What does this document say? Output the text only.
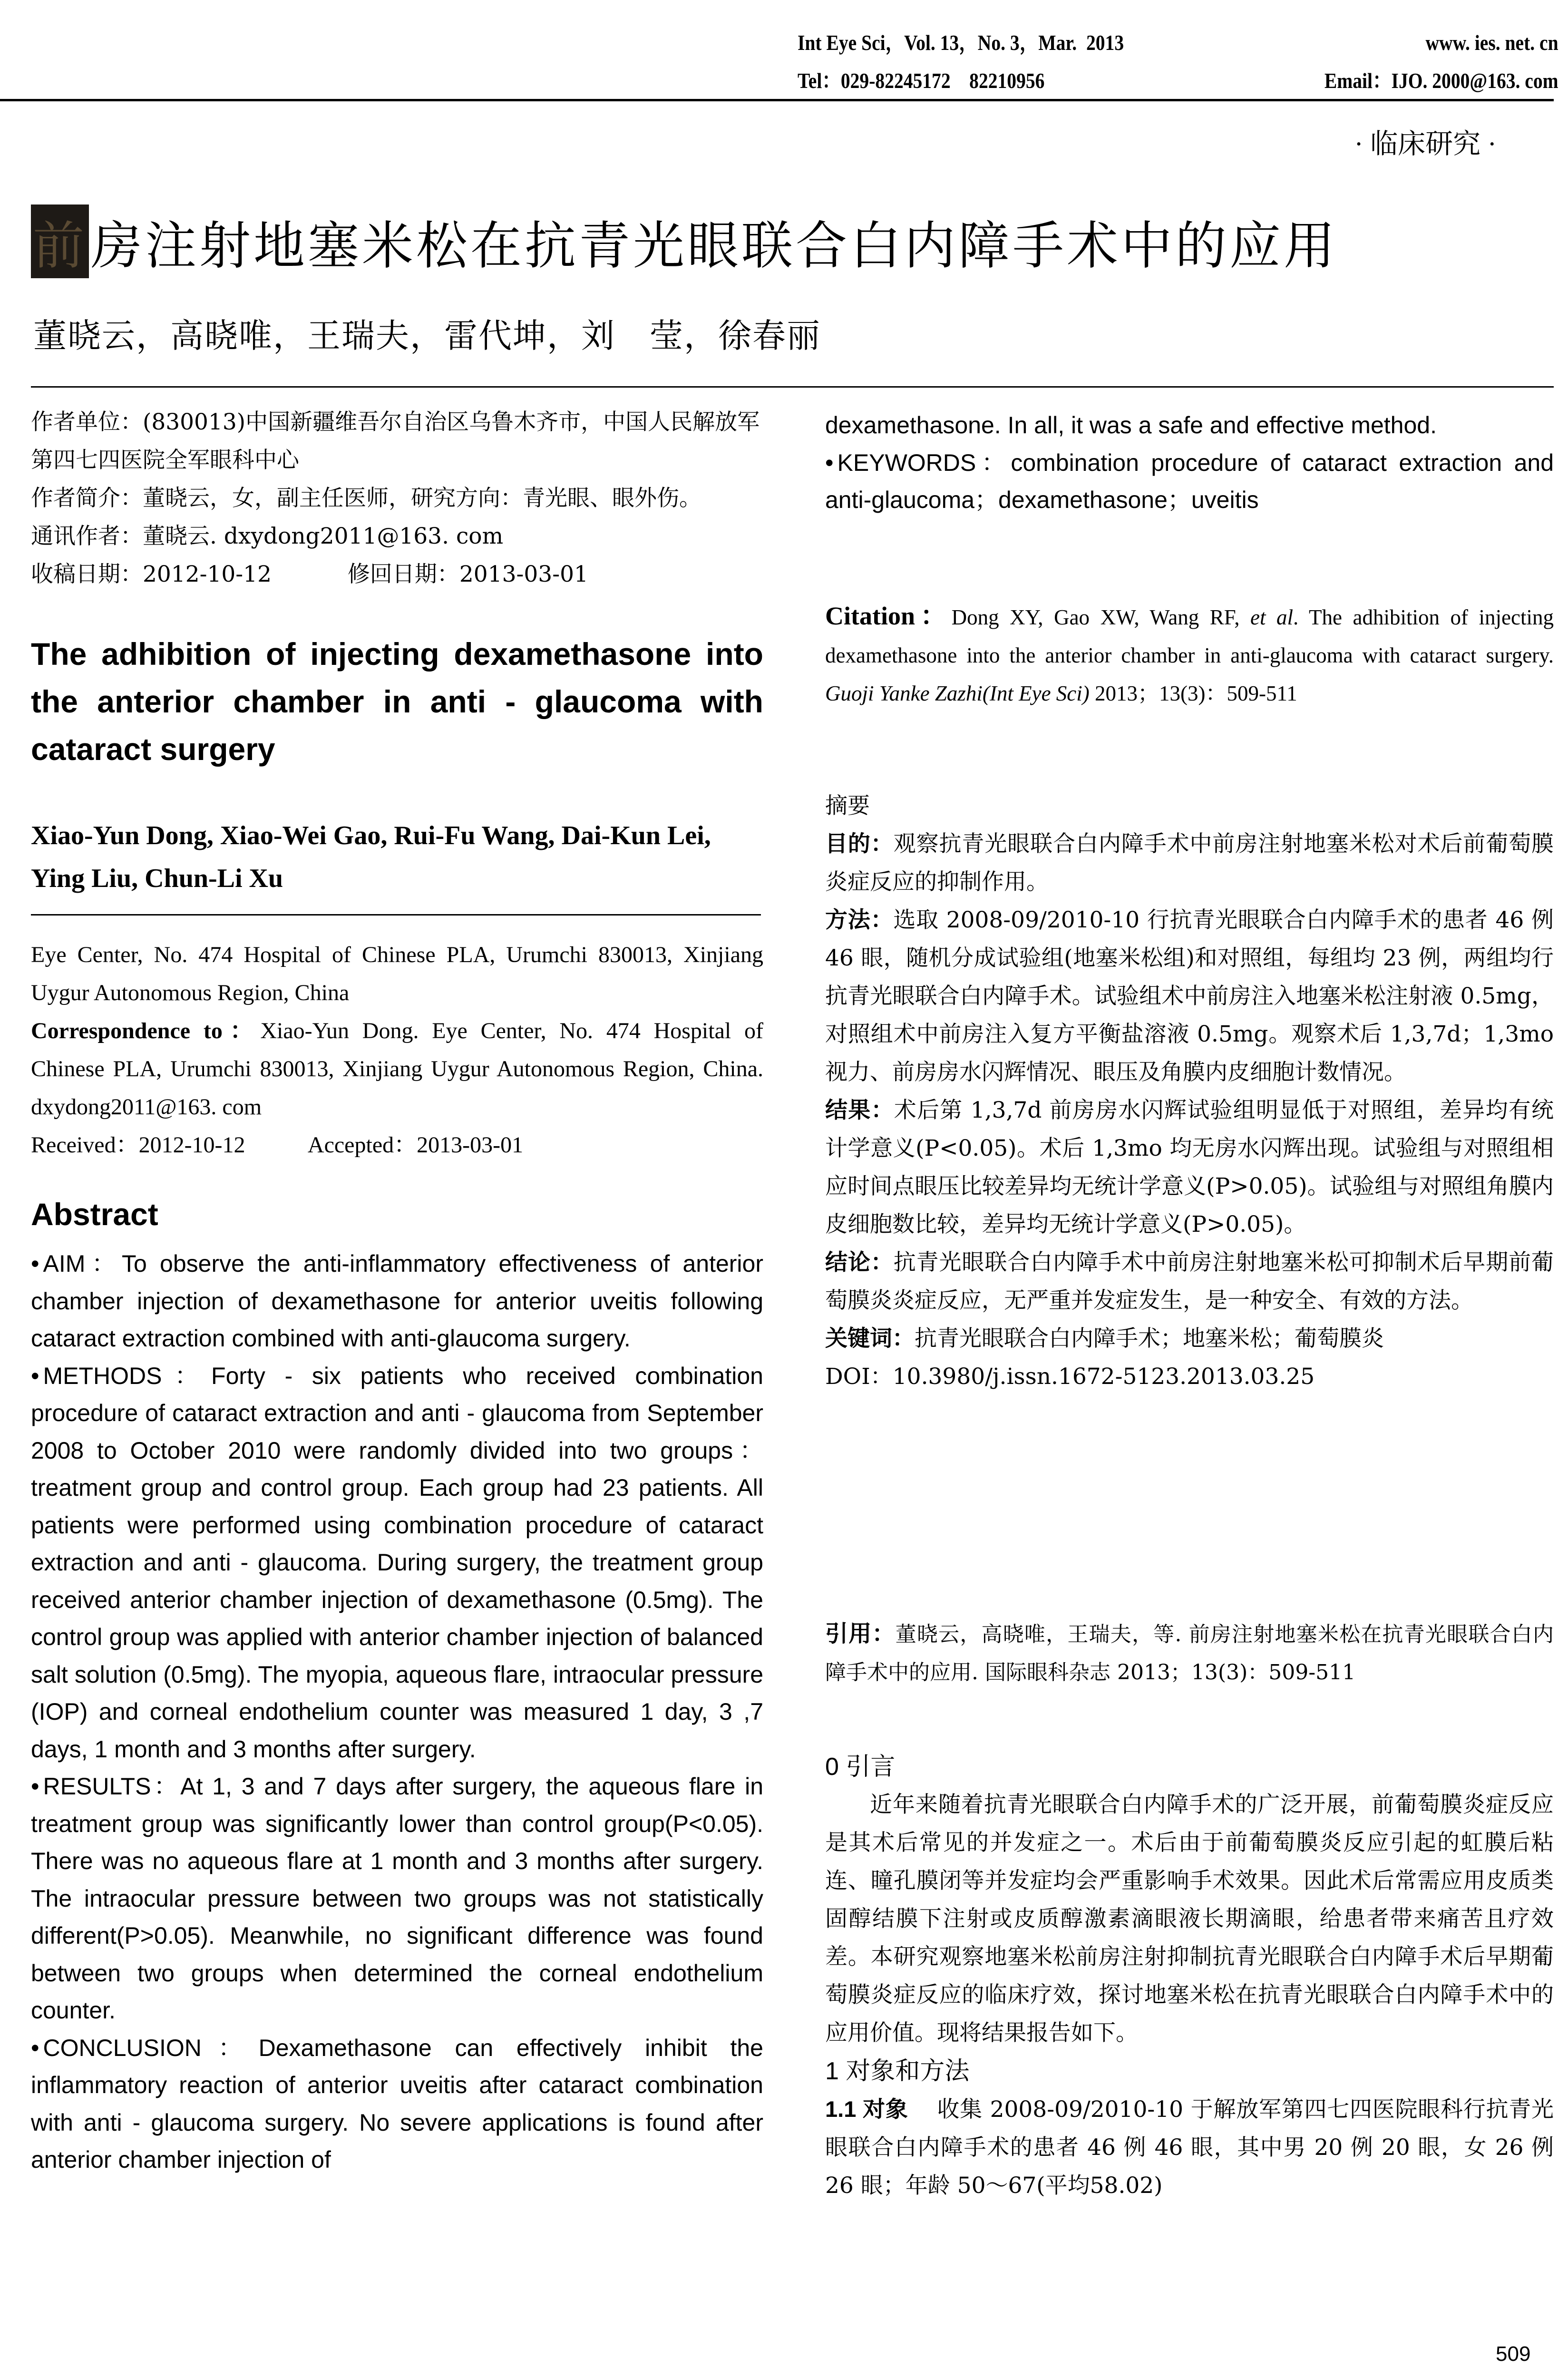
Int Eye Sci，Vol. 13，No. 3，Mar.  2013	www. ies. net. cn
Tel：029-82245172    82210956	Email：IJO. 2000@163. com
· 临床研究 ·
前 房注射地塞米松在抗青光眼联合白内障手术中的应用
董晓云，高晓唯，王瑞夫，雷代坤，刘　莹，徐春丽

作者单位：(830013)中国新疆维吾尔自治区乌鲁木齐市，中国人民解放军第四七四医院全军眼科中心

作者简介：董晓云，女，副主任医师，研究方向：青光眼、眼外伤。

通讯作者：董晓云. dxydong2011@163. com

收稿日期：2012-10-12	修回日期：2013-03-01

The adhibition of injecting dexamethasone into the anterior chamber in anti - glaucoma with cataract surgery
Xiao-Yun Dong, Xiao-Wei Gao, Rui-Fu Wang, Dai-Kun Lei, Ying Liu, Chun-Li Xu

Eye Center, No. 474 Hospital of Chinese PLA, Urumchi 830013, Xinjiang Uygur Autonomous Region, China

Correspondence to：Xiao-Yun Dong. Eye Center, No. 474 Hospital of Chinese PLA, Urumchi 830013, Xinjiang Uygur Autonomous Region, China. dxydong2011@163. com

Received：2012-10-12	Accepted：2013-03-01

Abstract

• AIM：To observe the anti-inflammatory effectiveness of anterior chamber injection of dexamethasone for anterior uveitis following cataract extraction combined with anti-glaucoma surgery.

• METHODS：Forty - six patients who received combination procedure of cataract extraction and anti - glaucoma from September 2008 to October 2010 were randomly divided into two groups：treatment group and control group. Each group had 23 patients. All patients were performed using combination procedure of cataract extraction and anti - glaucoma. During surgery, the treatment group received anterior chamber injection of dexamethasone (0.5mg). The control group was applied with anterior chamber injection of balanced salt solution (0.5mg). The myopia, aqueous flare, intraocular pressure (IOP) and corneal endothelium counter was measured 1 day, 3 ,7 days, 1 month and 3 months after surgery.

• RESULTS：At 1, 3 and 7 days after surgery, the aqueous flare in treatment group was significantly lower than control group(P<0.05). There was no aqueous flare at 1 month and 3 months after surgery. The intraocular pressure between two groups was not statistically different(P>0.05). Meanwhile, no significant difference was found between two groups when determined the corneal endothelium counter.

• CONCLUSION：Dexamethasone can effectively inhibit the inflammatory reaction of anterior uveitis after cataract combination with anti - glaucoma surgery. No severe applications is found after anterior chamber injection of

dexamethasone. In all, it was a safe and effective method.

• KEYWORDS：combination procedure of cataract extraction and anti-glaucoma；dexamethasone；uveitis

Citation：Dong XY, Gao XW, Wang RF, et al. The adhibition of injecting dexamethasone into the anterior chamber in anti-glaucoma with cataract surgery. Guoji Yanke Zazhi(Int Eye Sci) 2013；13(3)：509-511

摘要

目的：观察抗青光眼联合白内障手术中前房注射地塞米松对术后前葡萄膜炎症反应的抑制作用。

方法：选取 2008-09/2010-10 行抗青光眼联合白内障手术的患者 46 例 46 眼，随机分成试验组(地塞米松组)和对照组，每组均 23 例，两组均行抗青光眼联合白内障手术。试验组术中前房注入地塞米松注射液 0.5mg，对照组术中前房注入复方平衡盐溶液 0.5mg。观察术后 1,3,7d；1,3mo 视力、前房房水闪辉情况、眼压及角膜内皮细胞计数情况。

结果：术后第 1,3,7d 前房房水闪辉试验组明显低于对照组，差异均有统计学意义(P<0.05)。术后 1,3mo 均无房水闪辉出现。试验组与对照组相应时间点眼压比较差异均无统计学意义(P>0.05)。试验组与对照组角膜内皮细胞数比较，差异均无统计学意义(P>0.05)。

结论：抗青光眼联合白内障手术中前房注射地塞米松可抑制术后早期前葡萄膜炎炎症反应，无严重并发症发生，是一种安全、有效的方法。

关键词：抗青光眼联合白内障手术；地塞米松；葡萄膜炎

DOI：10.3980/j.issn.1672-5123.2013.03.25

引用：董晓云，高晓唯，王瑞夫，等. 前房注射地塞米松在抗青光眼联合白内障手术中的应用. 国际眼科杂志 2013；13(3)：509-511

0 引言

近年来随着抗青光眼联合白内障手术的广泛开展，前葡萄膜炎症反应是其术后常见的并发症之一。术后由于前葡萄膜炎反应引起的虹膜后粘连、瞳孔膜闭等并发症均会严重影响手术效果。因此术后常需应用皮质类固醇结膜下注射或皮质醇激素滴眼液长期滴眼，给患者带来痛苦且疗效差。本研究观察地塞米松前房注射抑制抗青光眼联合白内障手术后早期葡萄膜炎症反应的临床疗效，探讨地塞米松在抗青光眼联合白内障手术中的应用价值。现将结果报告如下。

1 对象和方法

1.1 对象 收集 2008-09/2010-10 于解放军第四七四医院眼科行抗青光眼联合白内障手术的患者 46 例 46 眼，其中男 20 例 20 眼，女 26 例 26 眼；年龄 50～67(平均58.02)

509
